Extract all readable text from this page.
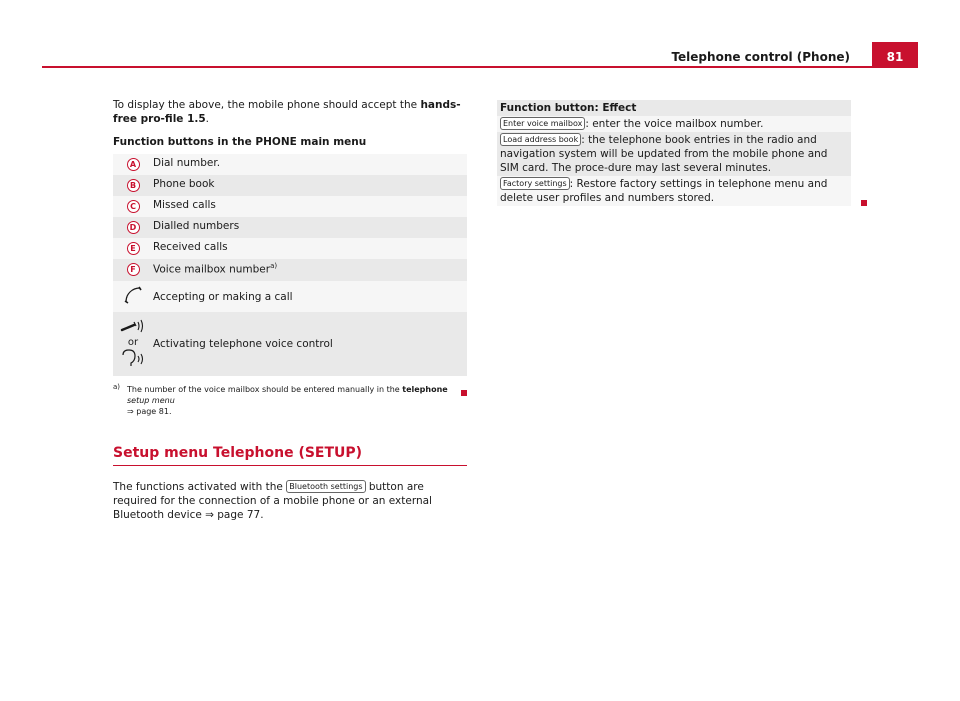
Telephone control (Phone)	81

To display the above, the mobile phone should accept the hands-free pro-file 1.5.

Function buttons in the PHONE main menu
A	Dial number.
B	Phone book
C	Missed calls
D	Dialled numbers
E	Received calls
F	Voice mailbox number$^{a)}$
	Accepting or making a call

or	Activating telephone voice control
a) The number of the voice mailbox should be entered manually in the telephone setup menu
⇒ page 81.
Setup menu Telephone (SETUP)

The functions activated with the Bluetooth settings button are required for the connection of a mobile phone or an external Bluetooth device ⇒ page 77.

Function button: Effect
Enter voice mailbox : enter the voice mailbox number.
Load address book : the telephone book entries in the radio and navigation system will be updated from the mobile phone and SIM card. The proce-dure may last several minutes.
Factory settings : Restore factory settings in telephone menu and delete user profiles and numbers stored.
